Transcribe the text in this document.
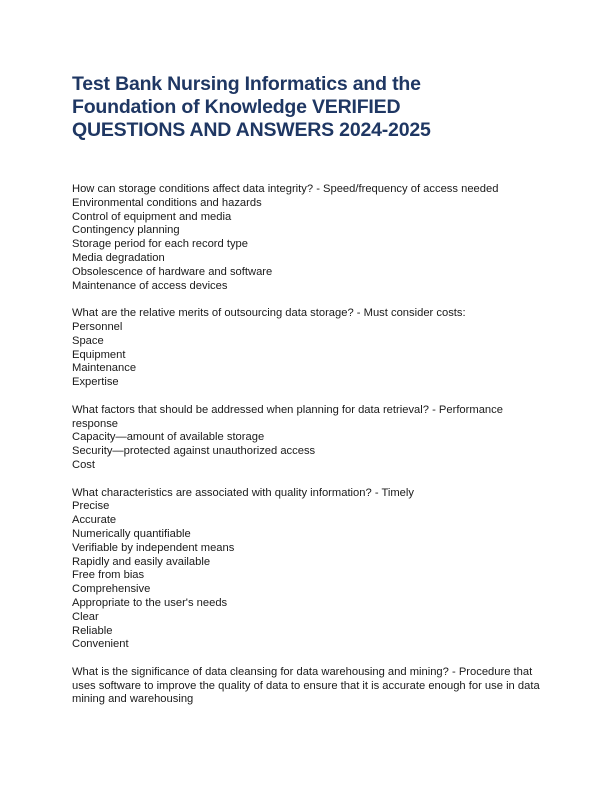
Test Bank Nursing Informatics and the
Foundation of Knowledge VERIFIED
QUESTIONS AND ANSWERS 2024-2025
How can storage conditions affect data integrity? - Speed/frequency of access needed
Environmental conditions and hazards
Control of equipment and media
Contingency planning
Storage period for each record type
Media degradation
Obsolescence of hardware and software
Maintenance of access devices
What are the relative merits of outsourcing data storage? - Must consider costs:
Personnel
Space
Equipment
Maintenance
Expertise
What factors that should be addressed when planning for data retrieval? - Performance response
Capacity—amount of available storage
Security—protected against unauthorized access
Cost
What characteristics are associated with quality information? - Timely
Precise
Accurate
Numerically quantifiable
Verifiable by independent means
Rapidly and easily available
Free from bias
Comprehensive
Appropriate to the user's needs
Clear
Reliable
Convenient
What is the significance of data cleansing for data warehousing and mining? - Procedure that uses software to improve the quality of data to ensure that it is accurate enough for use in data mining and warehousing
